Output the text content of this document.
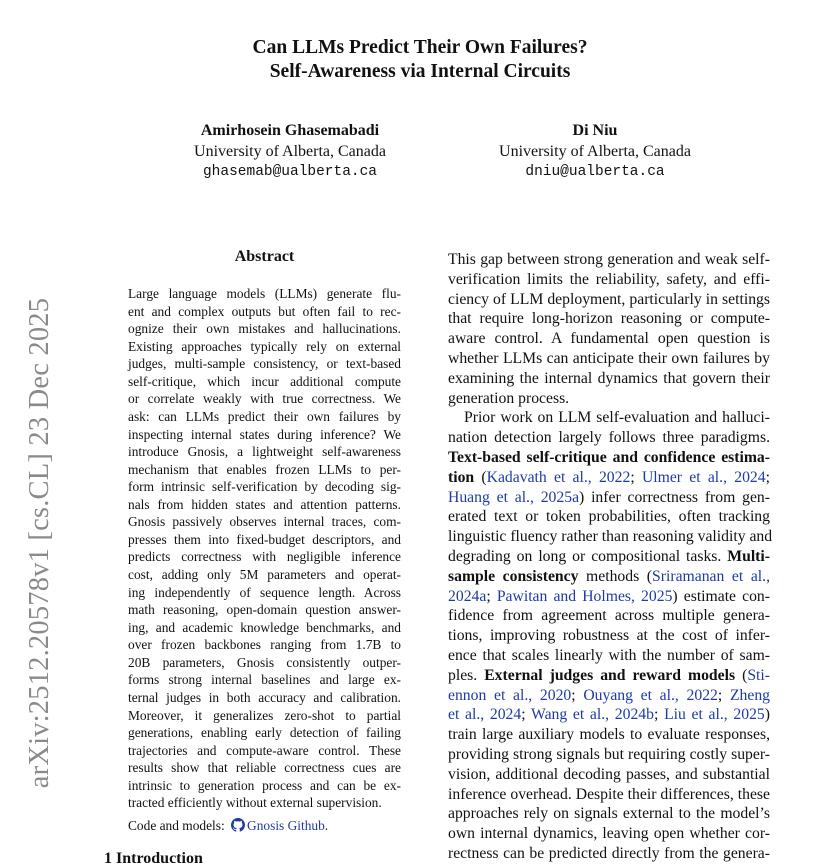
arXiv:2512.20578v1 [cs.CL] 23 Dec 2025
Can LLMs Predict Their Own Failures?
Self-Awareness via Internal Circuits
Amirhosein Ghasemabadi
University of Alberta, Canada
ghasemab@ualberta.ca
Di Niu
University of Alberta, Canada
dniu@ualberta.ca
Abstract
Large language models (LLMs) generate flu-
ent and complex outputs but often fail to rec-
ognize their own mistakes and hallucinations.
Existing approaches typically rely on external
judges, multi-sample consistency, or text-based
self-critique, which incur additional compute
or correlate weakly with true correctness. We
ask: can LLMs predict their own failures by
inspecting internal states during inference? We
introduce Gnosis, a lightweight self-awareness
mechanism that enables frozen LLMs to per-
form intrinsic self-verification by decoding sig-
nals from hidden states and attention patterns.
Gnosis passively observes internal traces, com-
presses them into fixed-budget descriptors, and
predicts correctness with negligible inference
cost, adding only 5M parameters and operat-
ing independently of sequence length. Across
math reasoning, open-domain question answer-
ing, and academic knowledge benchmarks, and
over frozen backbones ranging from 1.7B to
20B parameters, Gnosis consistently outper-
forms strong internal baselines and large ex-
ternal judges in both accuracy and calibration.
Moreover, it generalizes zero-shot to partial
generations, enabling early detection of failing
trajectories and compute-aware control. These
results show that reliable correctness cues are
intrinsic to generation process and can be ex-
tracted efficiently without external supervision.
Code and models: Gnosis Github.
This gap between strong generation and weak self-
verification limits the reliability, safety, and effi-
ciency of LLM deployment, particularly in settings
that require long-horizon reasoning or compute-
aware control. A fundamental open question is
whether LLMs can anticipate their own failures by
examining the internal dynamics that govern their
generation process.
Prior work on LLM self-evaluation and halluci-
nation detection largely follows three paradigms.
Text-based self-critique and confidence estima-
tion (Kadavath et al., 2022; Ulmer et al., 2024;
Huang et al., 2025a) infer correctness from gen-
erated text or token probabilities, often tracking
linguistic fluency rather than reasoning validity and
degrading on long or compositional tasks. Multi-
sample consistency methods (Sriramanan et al.,
2024a; Pawitan and Holmes, 2025) estimate con-
fidence from agreement across multiple genera-
tions, improving robustness at the cost of infer-
ence that scales linearly with the number of sam-
ples. External judges and reward models (Sti-
ennon et al., 2020; Ouyang et al., 2022; Zheng
et al., 2024; Wang et al., 2024b; Liu et al., 2025)
train large auxiliary models to evaluate responses,
providing strong signals but requiring costly super-
vision, additional decoding passes, and substantial
inference overhead. Despite their differences, these
approaches rely on signals external to the model’s
own internal dynamics, leaving open whether cor-
rectness can be predicted directly from the genera-
1 Introduction
